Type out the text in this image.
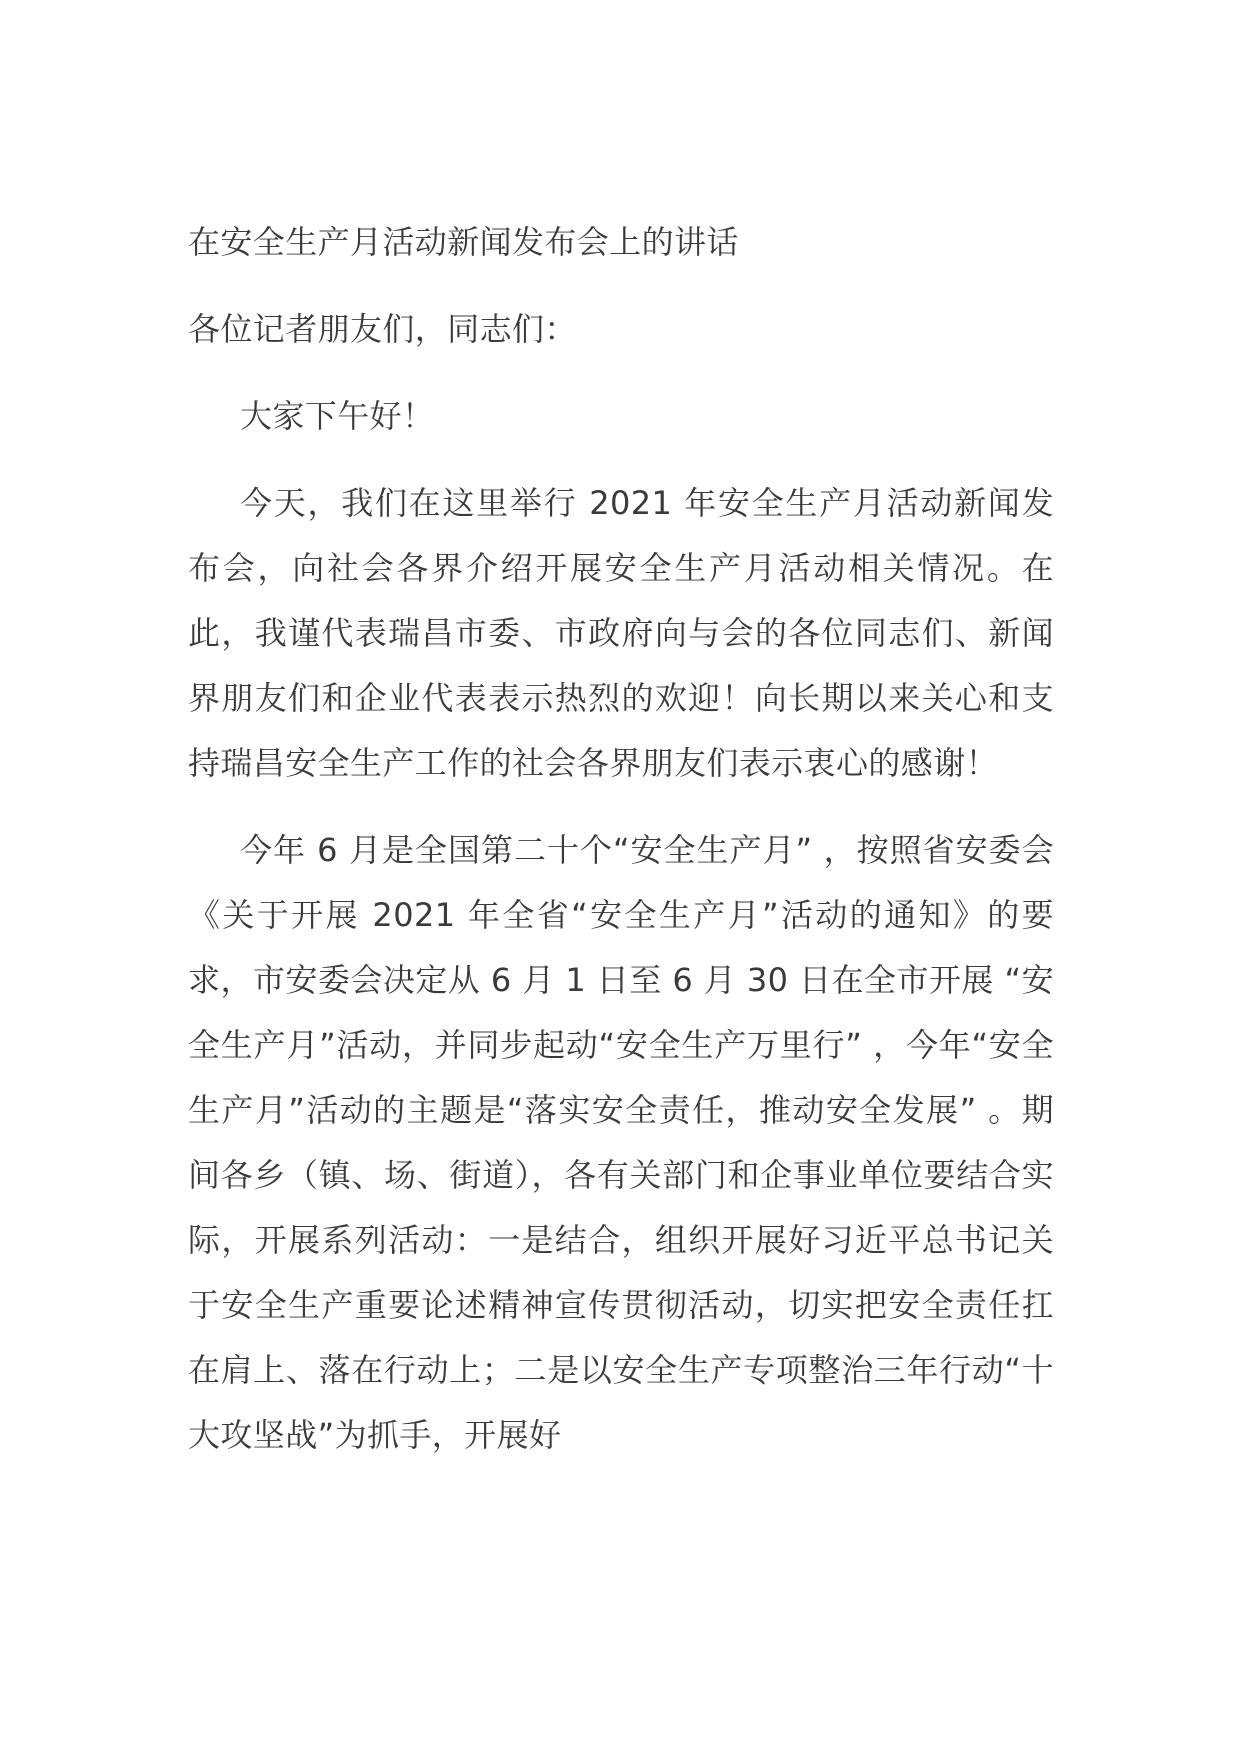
在安全生产月活动新闻发布会上的讲话
各位记者朋友们，同志们：
大家下午好！
今天，我们在这里举行 2021 年安全生产月活动新闻发布会，向社会各界介绍开展安全生产月活动相关情况。在此，我谨代表瑞昌市委、市政府向与会的各位同志们、新闻界朋友们和企业代表表示热烈的欢迎！向长期以来关心和支持瑞昌安全生产工作的社会各界朋友们表示衷心的感谢！
今年 6 月是全国第二十个“安全生产月” ，按照省安委会《关于开展 2021 年全省“安全生产月”活动的通知》的要求，市安委会决定从 6 月 1 日至 6 月 30 日在全市开展 “安全生产月”活动，并同步起动“安全生产万里行” ，今年“安全生产月”活动的主题是“落实安全责任，推动安全发展” 。期间各乡（镇、场、街道），各有关部门和企事业单位要结合实际，开展系列活动：一是结合，组织开展好习近平总书记关于安全生产重要论述精神宣传贯彻活动，切实把安全责任扛在肩上、落在行动上；二是以安全生产专项整治三年行动“十大攻坚战”为抓手，开展好
